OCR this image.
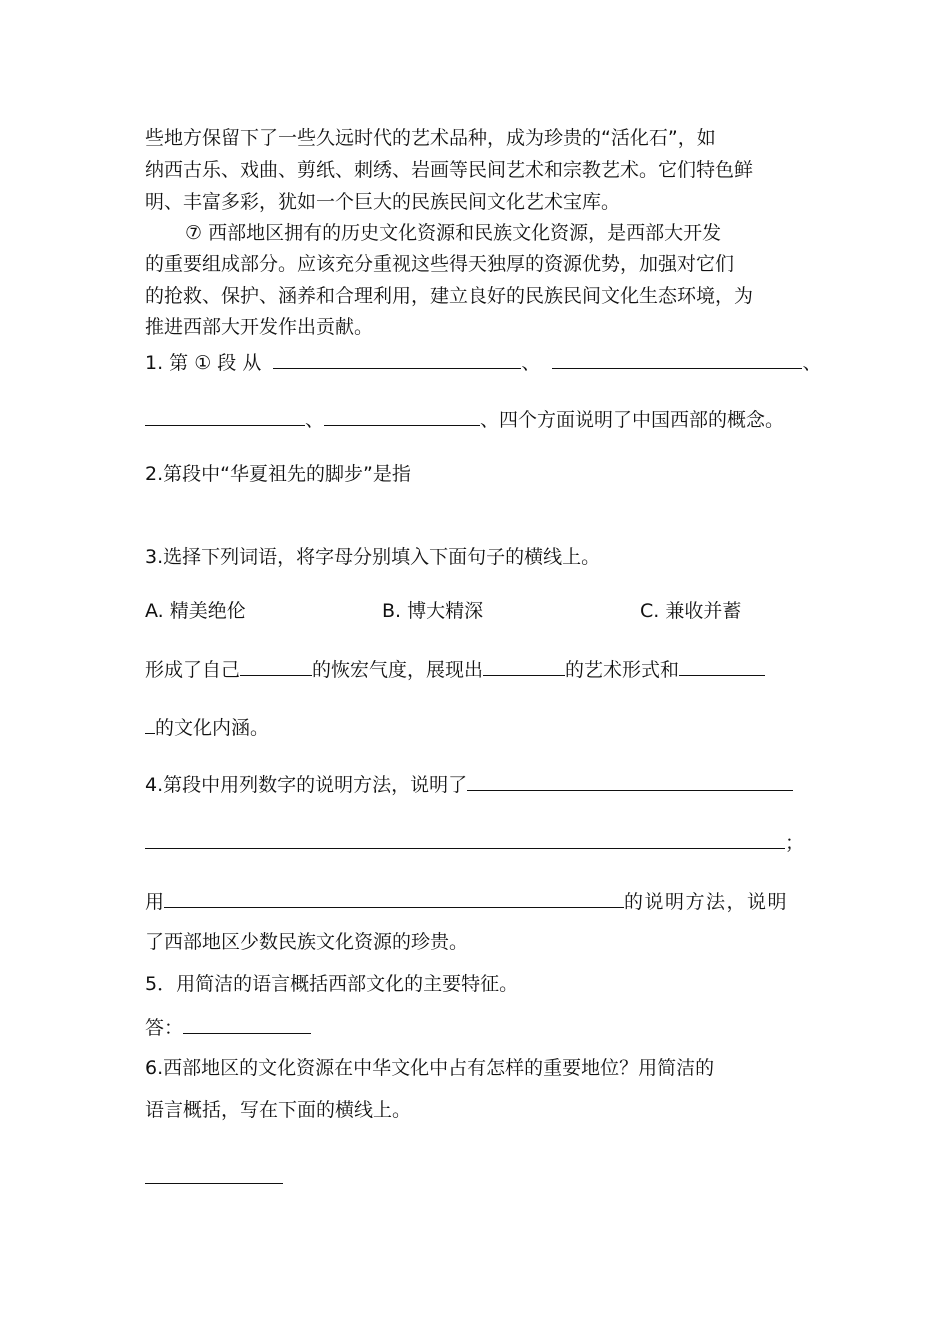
些地方保留下了一些久远时代的艺术品种，成为珍贵的“活化石”，如
纳西古乐、戏曲、剪纸、刺绣、岩画等民间艺术和宗教艺术。它们特色鲜
明、丰富多彩，犹如一个巨大的民族民间文化艺术宝库。
⑦ 西部地区拥有的历史文化资源和民族文化资源，是西部大开发
的重要组成部分。应该充分重视这些得天独厚的资源优势，加强对它们
的抢救、保护、涵养和合理利用，建立良好的民族民间文化生态环境，为
推进西部大开发作出贡献。
1. 第 ① 段 从	、	、
、	、四个方面说明了中国西部的概念。
2.第段中“华夏祖先的脚步”是指
3.选择下列词语，将字母分别填入下面句子的横线上。
A. 精美绝伦	B. 博大精深	C. 兼收并蓄
形成了自己	的恢宏气度，展现出	的艺术形式和
的文化内涵。
4.第段中用列数字的说明方法，说明了
；
用	的说明方法，说明
了西部地区少数民族文化资源的珍贵。
5．用简洁的语言概括西部文化的主要特征。
答：
6.西部地区的文化资源在中华文化中占有怎样的重要地位？用简洁的
语言概括，写在下面的横线上。
